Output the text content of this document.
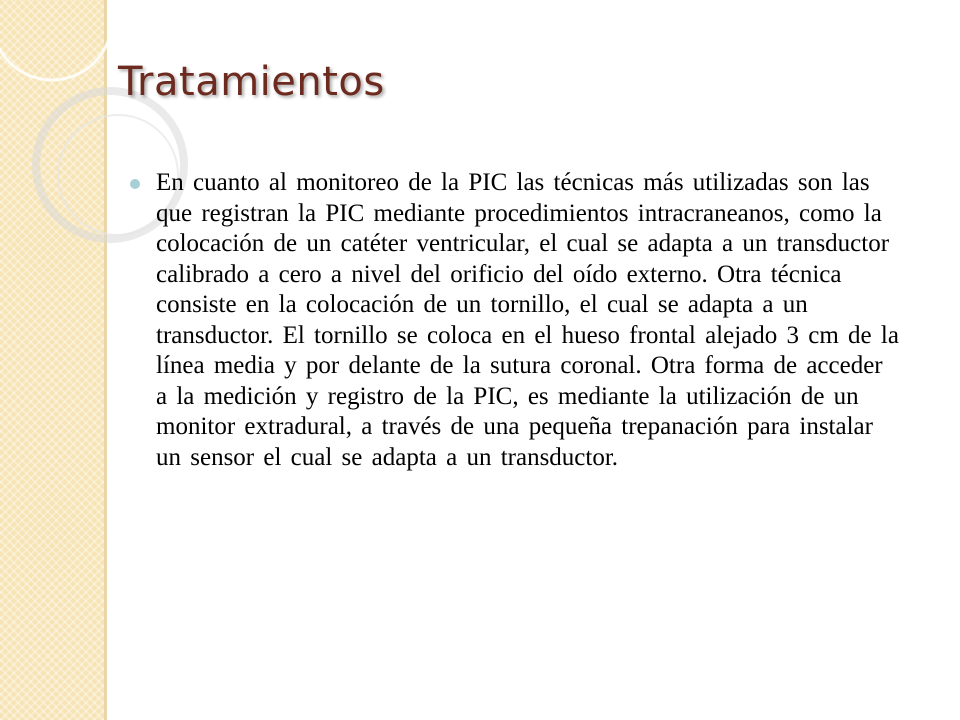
Tratamientos
En cuanto al monitoreo de la PIC las técnicas más utilizadas son las que registran la PIC mediante procedimientos intracraneanos, como la colocación de un catéter ventricular, el cual se adapta a un transductor calibrado a cero a nivel del orificio del oído externo. Otra técnica consiste en la colocación de un tornillo, el cual se adapta a un transductor. El tornillo se coloca en el hueso frontal alejado 3 cm de la línea media y por delante de la sutura coronal. Otra forma de acceder a la medición y registro de la PIC, es mediante la utilización de un monitor extradural, a través de una pequeña trepanación para instalar un sensor el cual se adapta a un transductor.
